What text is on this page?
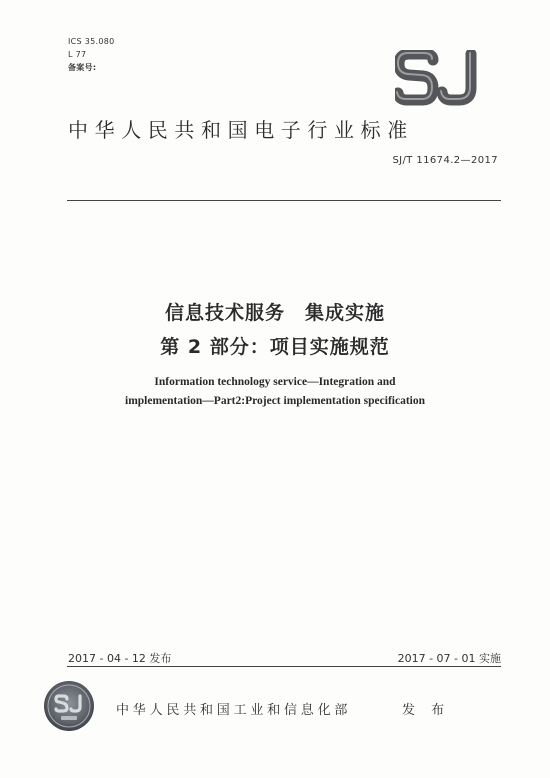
ICS 35.080
L 77
备案号:
中华人民共和国电子行业标准
SJ/T 11674.2—2017
信息技术服务　集成实施
第 2 部分：项目实施规范
Information technology service—Integration and
implementation—Part2:Project implementation specification
2017 - 04 - 12 发布	2017 - 07 - 01 实施
中华人民共和国工业和信息化部	发 布
